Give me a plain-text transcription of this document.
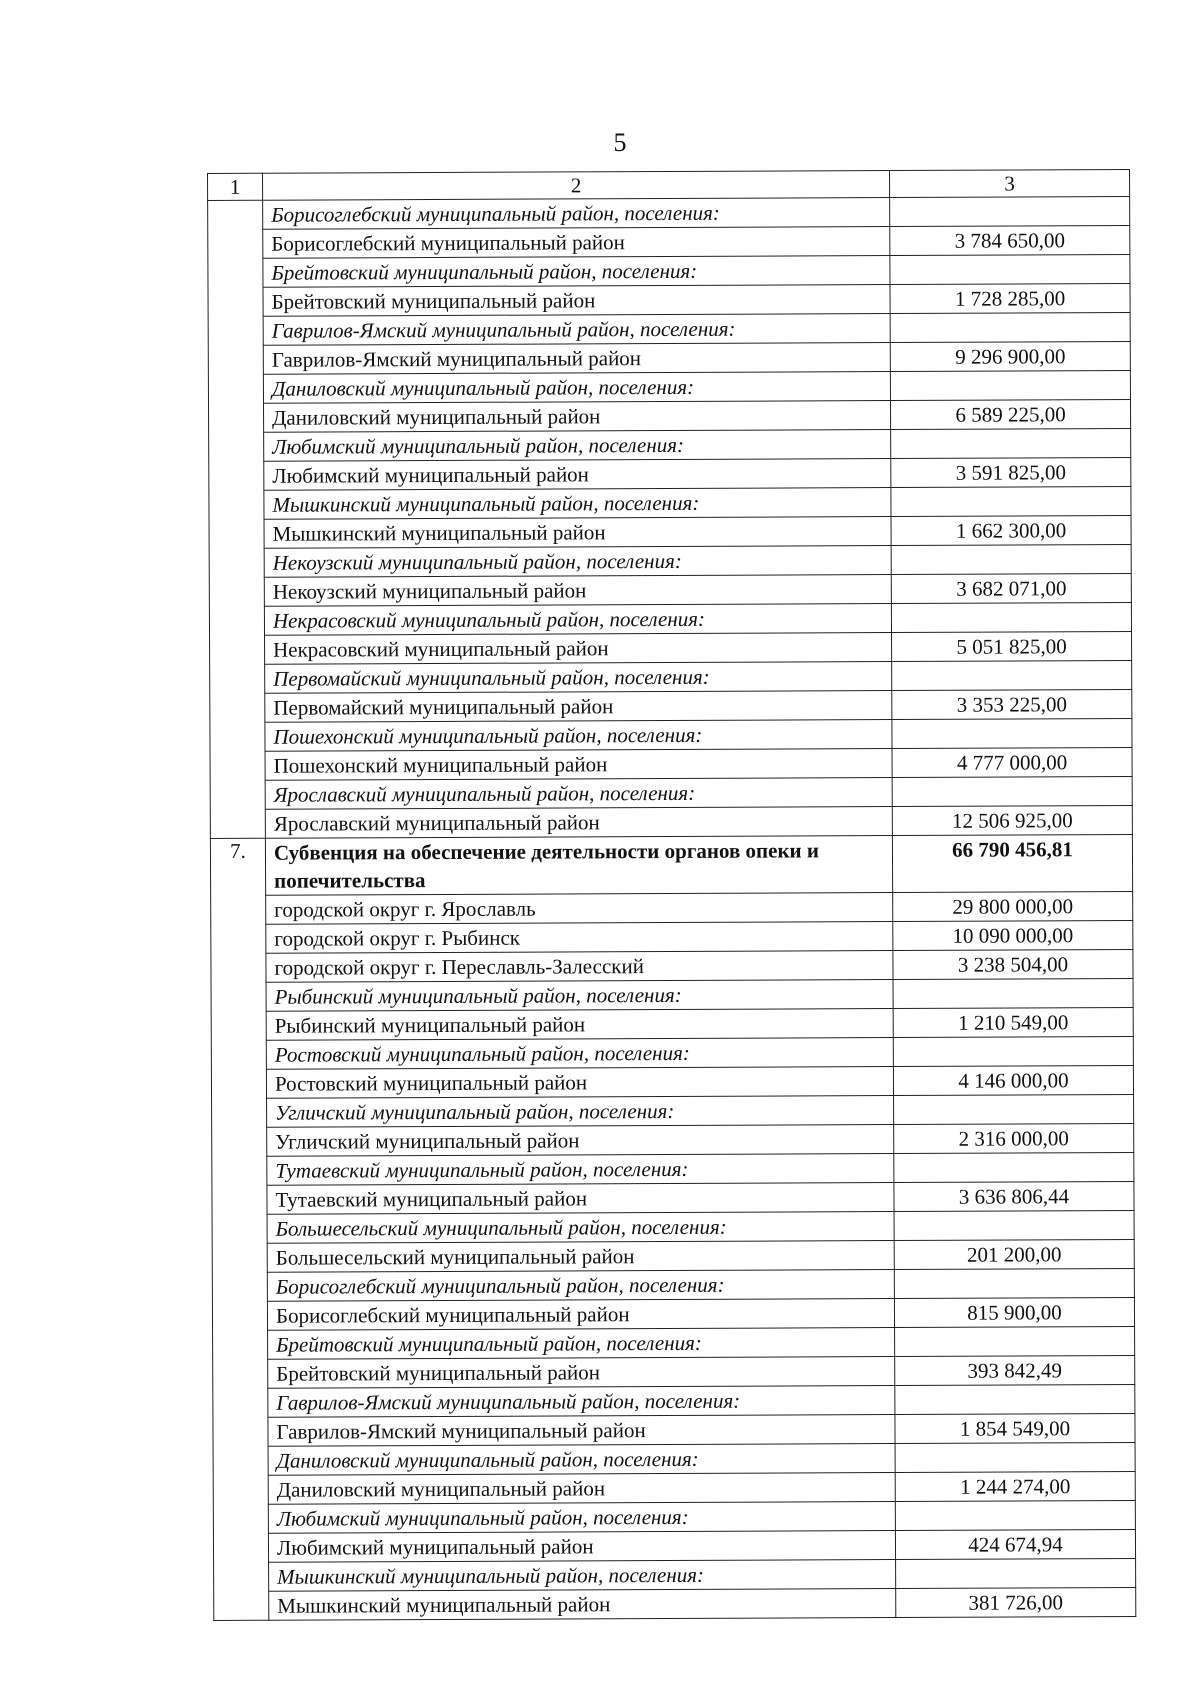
5
1	2	3
	Борисоглебский муниципальный район, поселения:	
	Борисоглебский муниципальный район	3 784 650,00
	Брейтовский муниципальный район, поселения:	
	Брейтовский муниципальный район	1 728 285,00
	Гаврилов-Ямский муниципальный район, поселения:	
	Гаврилов-Ямский муниципальный район	9 296 900,00
	Даниловский муниципальный район, поселения:	
	Даниловский муниципальный район	6 589 225,00
	Любимский муниципальный район, поселения:	
	Любимский муниципальный район	3 591 825,00
	Мышкинский муниципальный район, поселения:	
	Мышкинский муниципальный район	1 662 300,00
	Некоузский муниципальный район, поселения:	
	Некоузский муниципальный район	3 682 071,00
	Некрасовский муниципальный район, поселения:	
	Некрасовский муниципальный район	5 051 825,00
	Первомайский муниципальный район, поселения:	
	Первомайский муниципальный район	3 353 225,00
	Пошехонский муниципальный район, поселения:	
	Пошехонский муниципальный район	4 777 000,00
	Ярославский муниципальный район, поселения:	
	Ярославский муниципальный район	12 506 925,00
7.	Субвенция на обеспечение деятельности органов опеки и попечительства	66 790 456,81
	городской округ г. Ярославль	29 800 000,00
	городской округ г. Рыбинск	10 090 000,00
	городской округ г. Переславль-Залесский	3 238 504,00
	Рыбинский муниципальный район, поселения:	
	Рыбинский муниципальный район	1 210 549,00
	Ростовский муниципальный район, поселения:	
	Ростовский муниципальный район	4 146 000,00
	Угличский муниципальный район, поселения:	
	Угличский муниципальный район	2 316 000,00
	Тутаевский муниципальный район, поселения:	
	Тутаевский муниципальный район	3 636 806,44
	Большесельский муниципальный район, поселения:	
	Большесельский муниципальный район	201 200,00
	Борисоглебский муниципальный район, поселения:	
	Борисоглебский муниципальный район	815 900,00
	Брейтовский муниципальный район, поселения:	
	Брейтовский муниципальный район	393 842,49
	Гаврилов-Ямский муниципальный район, поселения:	
	Гаврилов-Ямский муниципальный район	1 854 549,00
	Даниловский муниципальный район, поселения:	
	Даниловский муниципальный район	1 244 274,00
	Любимский муниципальный район, поселения:	
	Любимский муниципальный район	424 674,94
	Мышкинский муниципальный район, поселения:	
	Мышкинский муниципальный район	381 726,00
